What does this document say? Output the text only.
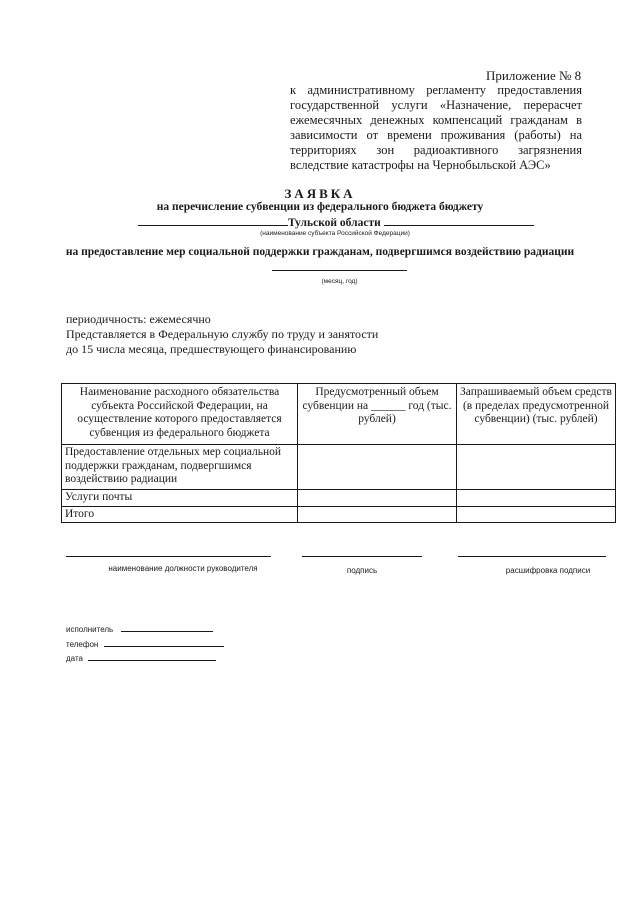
Приложение № 8
к административному регламенту предоставления государственной услуги «Назначение, перерасчет ежемесячных денежных компенсаций гражданам в зависимости от времени проживания (работы) на территориях зон радиоактивного загрязнения вследствие катастрофы на Чернобыльской АЭС»
ЗАЯВКА
на перечисление субвенции из федерального бюджета бюджету
Тульской области
(наименование субъекта Российской Федерации)
на предоставление мер социальной поддержки гражданам, подвергшимся воздействию радиации
(месяц, год)
периодичность: ежемесячно
Представляется в Федеральную службу по труду и занятости
до 15 числа месяца, предшествующего финансированию
Наименование расходного обязательства субъекта Российской Федерации, на осуществление которого предоставляется субвенция из федерального бюджета	Предусмотренный объем субвенции на ______ год (тыс. рублей)	Запрашиваемый объем средств (в пределах предусмотренной субвенции) (тыс. рублей)
Предоставление отдельных мер социальной поддержки гражданам, подвергшимся воздействию радиации		
Услуги почты		
Итого		
наименование должности руководителя	подпись	расшифровка подписи
исполнитель
телефон
дата
